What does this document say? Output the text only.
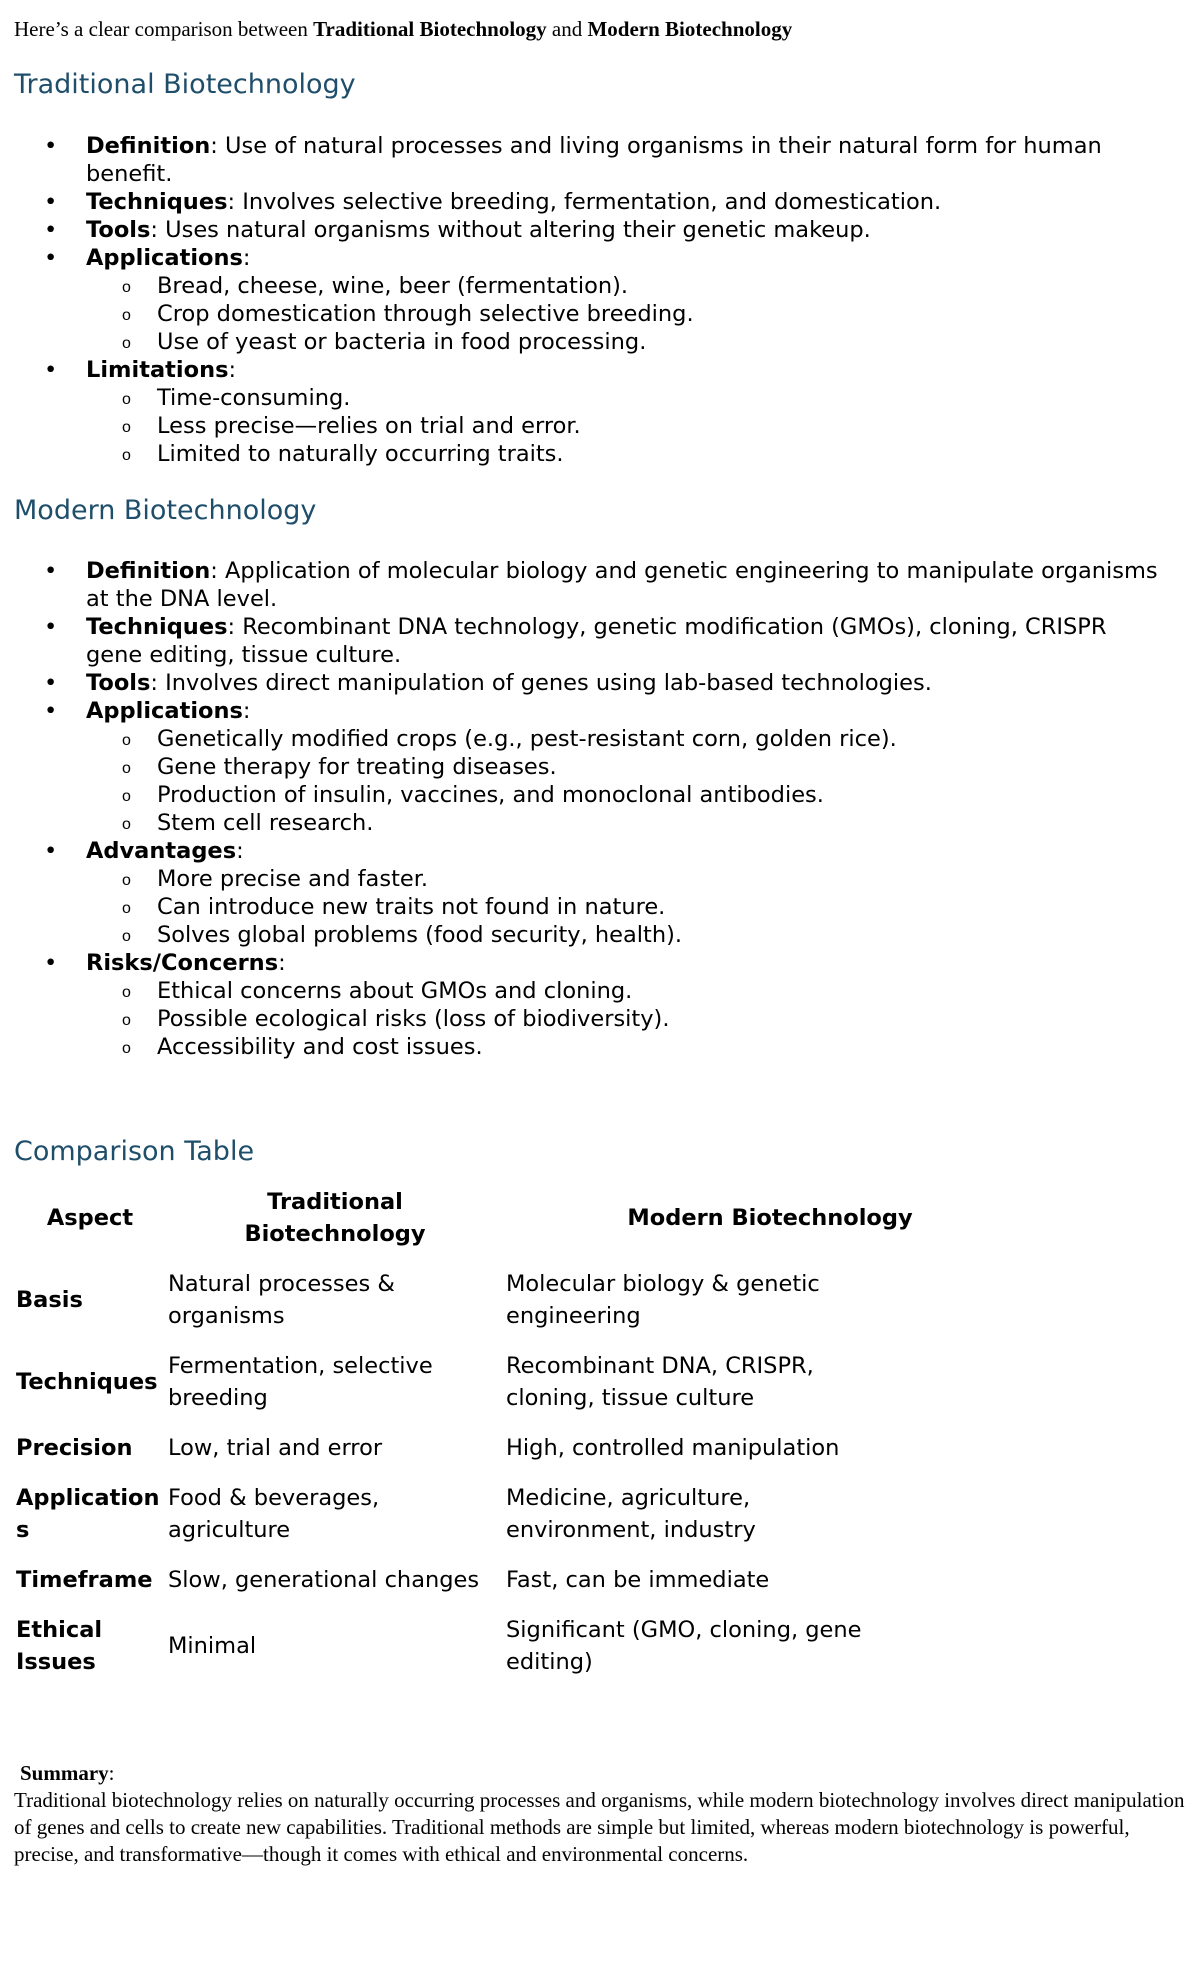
Here’s a clear comparison between Traditional Biotechnology and Modern Biotechnology

Traditional Biotechnology
• Definition: Use of natural processes and living organisms in their natural form for human benefit.
• Techniques: Involves selective breeding, fermentation, and domestication.
• Tools: Uses natural organisms without altering their genetic makeup.
• Applications:
o Bread, cheese, wine, beer (fermentation).
o Crop domestication through selective breeding.
o Use of yeast or bacteria in food processing.
• Limitations:
o Time-consuming.
o Less precise—relies on trial and error.
o Limited to naturally occurring traits.
Modern Biotechnology
• Definition: Application of molecular biology and genetic engineering to manipulate organisms at the DNA level.
• Techniques: Recombinant DNA technology, genetic modification (GMOs), cloning, CRISPR gene editing, tissue culture.
• Tools: Involves direct manipulation of genes using lab-based technologies.
• Applications:
o Genetically modified crops (e.g., pest-resistant corn, golden rice).
o Gene therapy for treating diseases.
o Production of insulin, vaccines, and monoclonal antibodies.
o Stem cell research.
• Advantages:
o More precise and faster.
o Can introduce new traits not found in nature.
o Solves global problems (food security, health).
• Risks/Concerns:
o Ethical concerns about GMOs and cloning.
o Possible ecological risks (loss of biodiversity).
o Accessibility and cost issues.
Comparison Table
Aspect	Traditional Biotechnology	Modern Biotechnology
Basis	Natural processes & organisms	Molecular biology & genetic engineering
Techniques	Fermentation, selective breeding	Recombinant DNA, CRISPR, cloning, tissue culture
Precision	Low, trial and error	High, controlled manipulation
Applications	Food & beverages, agriculture	Medicine, agriculture, environment, industry
Timeframe	Slow, generational changes	Fast, can be immediate
Ethical Issues	Minimal	Significant (GMO, cloning, gene editing)
Summary:
Traditional biotechnology relies on naturally occurring processes and organisms, while modern biotechnology involves direct manipulation of genes and cells to create new capabilities. Traditional methods are simple but limited, whereas modern biotechnology is powerful, precise, and transformative—though it comes with ethical and environmental concerns.
